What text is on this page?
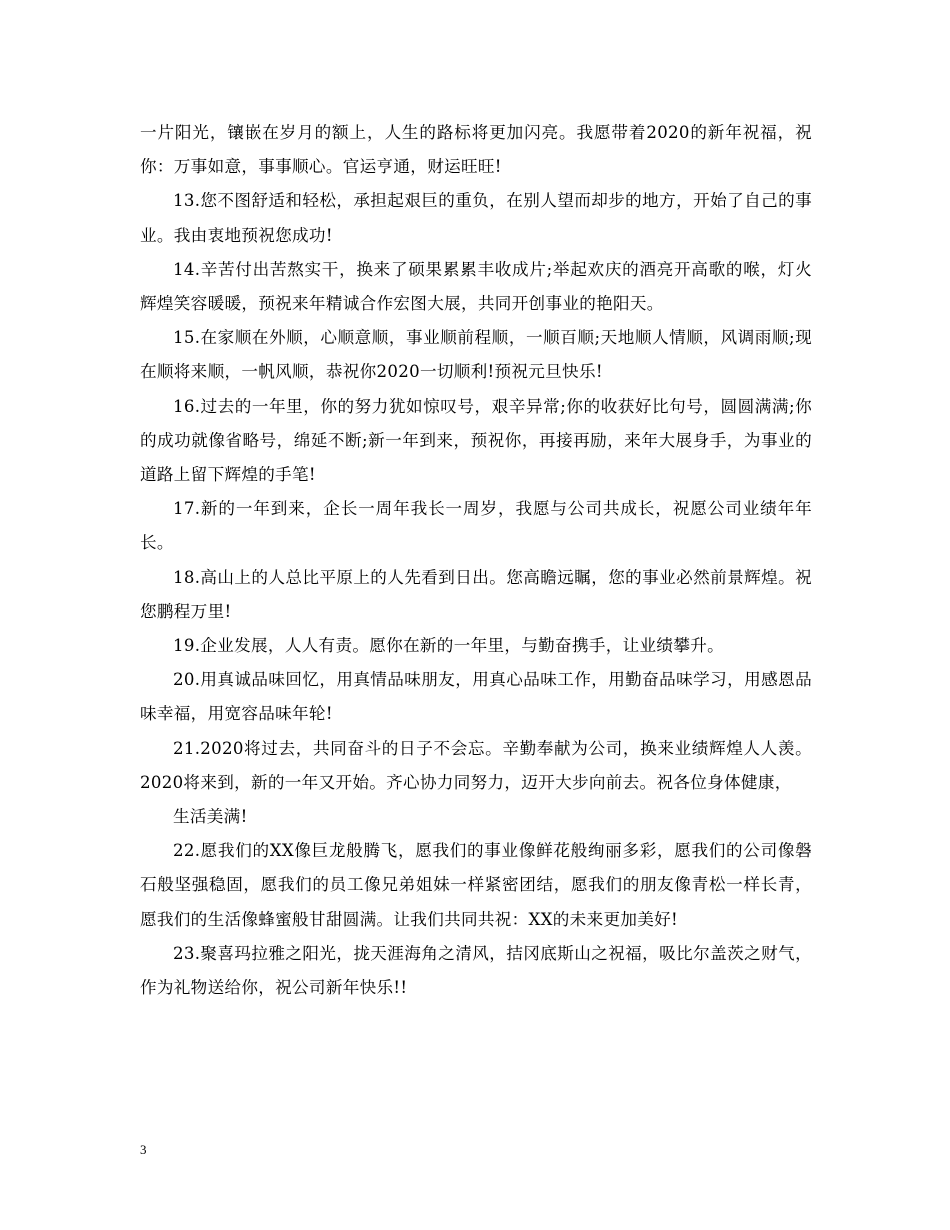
一片阳光，镶嵌在岁月的额上，人生的路标将更加闪亮。我愿带着2020的新年祝福，祝你：万事如意，事事顺心。官运亨通，财运旺旺!

13.您不图舒适和轻松，承担起艰巨的重负，在别人望而却步的地方，开始了自己的事业。我由衷地预祝您成功!

14.辛苦付出苦熬实干，换来了硕果累累丰收成片;举起欢庆的酒亮开高歌的喉，灯火辉煌笑容暖暖，预祝来年精诚合作宏图大展，共同开创事业的艳阳天。

15.在家顺在外顺，心顺意顺，事业顺前程顺，一顺百顺;天地顺人情顺，风调雨顺;现在顺将来顺，一帆风顺，恭祝你2020一切顺利!预祝元旦快乐!

16.过去的一年里，你的努力犹如惊叹号，艰辛异常;你的收获好比句号，圆圆满满;你的成功就像省略号，绵延不断;新一年到来，预祝你，再接再励，来年大展身手，为事业的道路上留下辉煌的手笔!

17.新的一年到来，企长一周年我长一周岁，我愿与公司共成长，祝愿公司业绩年年长。

18.高山上的人总比平原上的人先看到日出。您高瞻远瞩，您的事业必然前景辉煌。祝您鹏程万里!

19.企业发展，人人有责。愿你在新的一年里，与勤奋携手，让业绩攀升。

20.用真诚品味回忆，用真情品味朋友，用真心品味工作，用勤奋品味学习，用感恩品味幸福，用宽容品味年轮!

21.2020将过去，共同奋斗的日子不会忘。辛勤奉献为公司，换来业绩辉煌人人羡。2020将来到，新的一年又开始。齐心协力同努力，迈开大步向前去。祝各位身体健康，

生活美满!

22.愿我们的XX像巨龙般腾飞，愿我们的事业像鲜花般绚丽多彩，愿我们的公司像磐石般坚强稳固，愿我们的员工像兄弟姐妹一样紧密团结，愿我们的朋友像青松一样长青，愿我们的生活像蜂蜜般甘甜圆满。让我们共同共祝：XX的未来更加美好!

23.聚喜玛拉雅之阳光，拢天涯海角之清风，拮冈底斯山之祝福，吸比尔盖茨之财气，作为礼物送给你，祝公司新年快乐!!

3
